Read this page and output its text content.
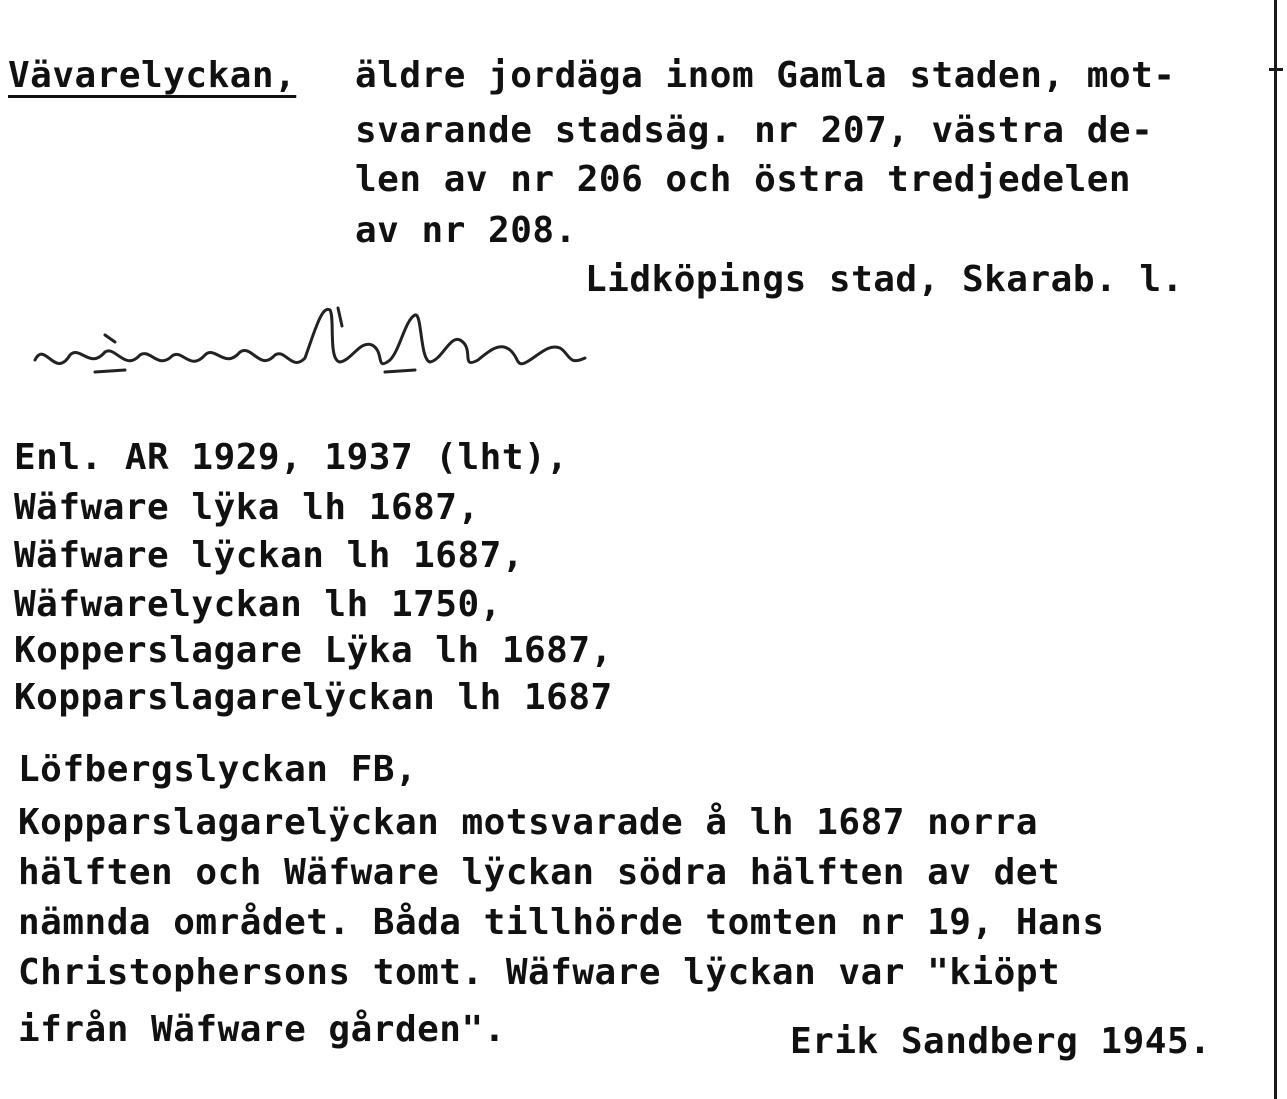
Vävarelyckan, äldre jordäga inom Gamla staden, mot-
svarande stadsäg. nr 207, västra de-
len av nr 206 och östra tredjedelen
av nr 208.
Lidköpings stad, Skarab. l.
Enl. AR 1929, 1937 (lht),
Wäfware lÿka lh 1687,
Wäfware lÿckan lh 1687,
Wäfwarelyckan lh 1750,
Kopperslagare Lÿka lh 1687,
Kopparslagarelÿckan lh 1687
Löfbergslyckan FB,
Kopparslagarelÿckan motsvarade å lh 1687 norra
hälften och Wäfware lÿckan södra hälften av det
nämnda området. Båda tillhörde tomten nr 19, Hans
Christophersons tomt. Wäfware lÿckan var "kiöpt
ifrån Wäfware gården".	Erik Sandberg 1945.
